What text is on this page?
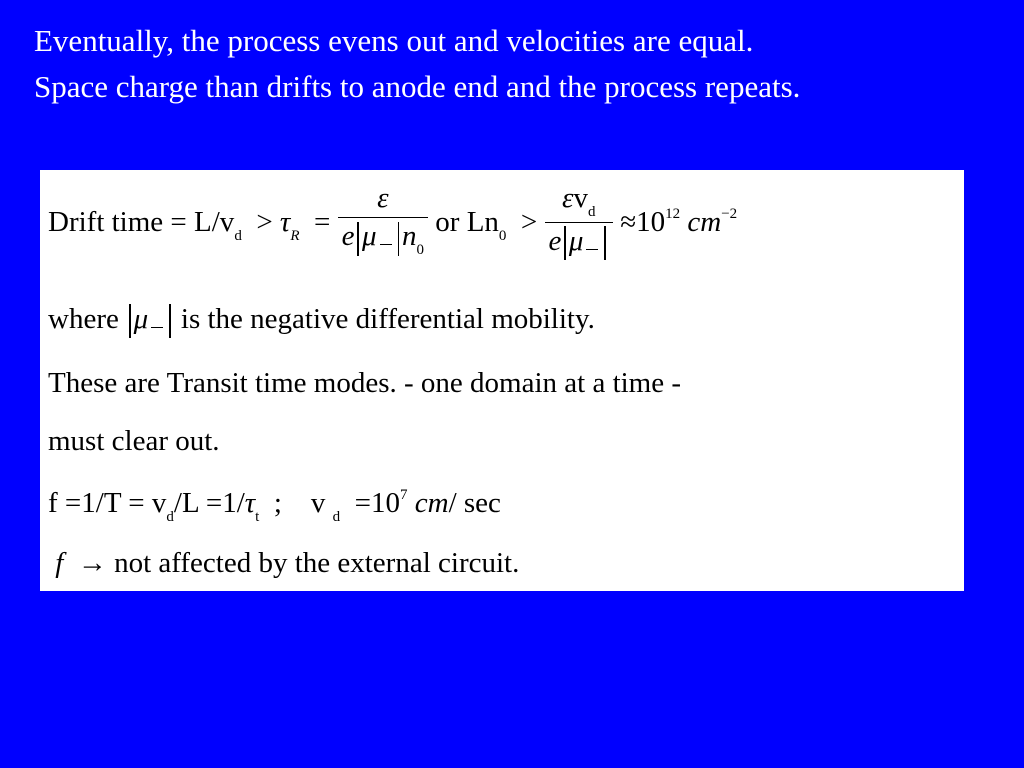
Eventually, the process evens out and velocities are equal.
Space charge than drifts to anode end and the process repeats.
Drift time = $L/v_d > \tau_R = \frac{\varepsilon}{e \mu n_0}$ or $Ln_0 > \frac{\varepsilon v_d}{\text{e μ}} \approx 10^{12}$ $cm^{-2}$
where μ is the negative differential mobility.
These are Transit time modes. - one domain at a time -
must clear out.
$f =1/T = v_d/L =1/\tau_t$ ; v $_d =10^7$ cm/ sec
f → not affected by the external circuit.
